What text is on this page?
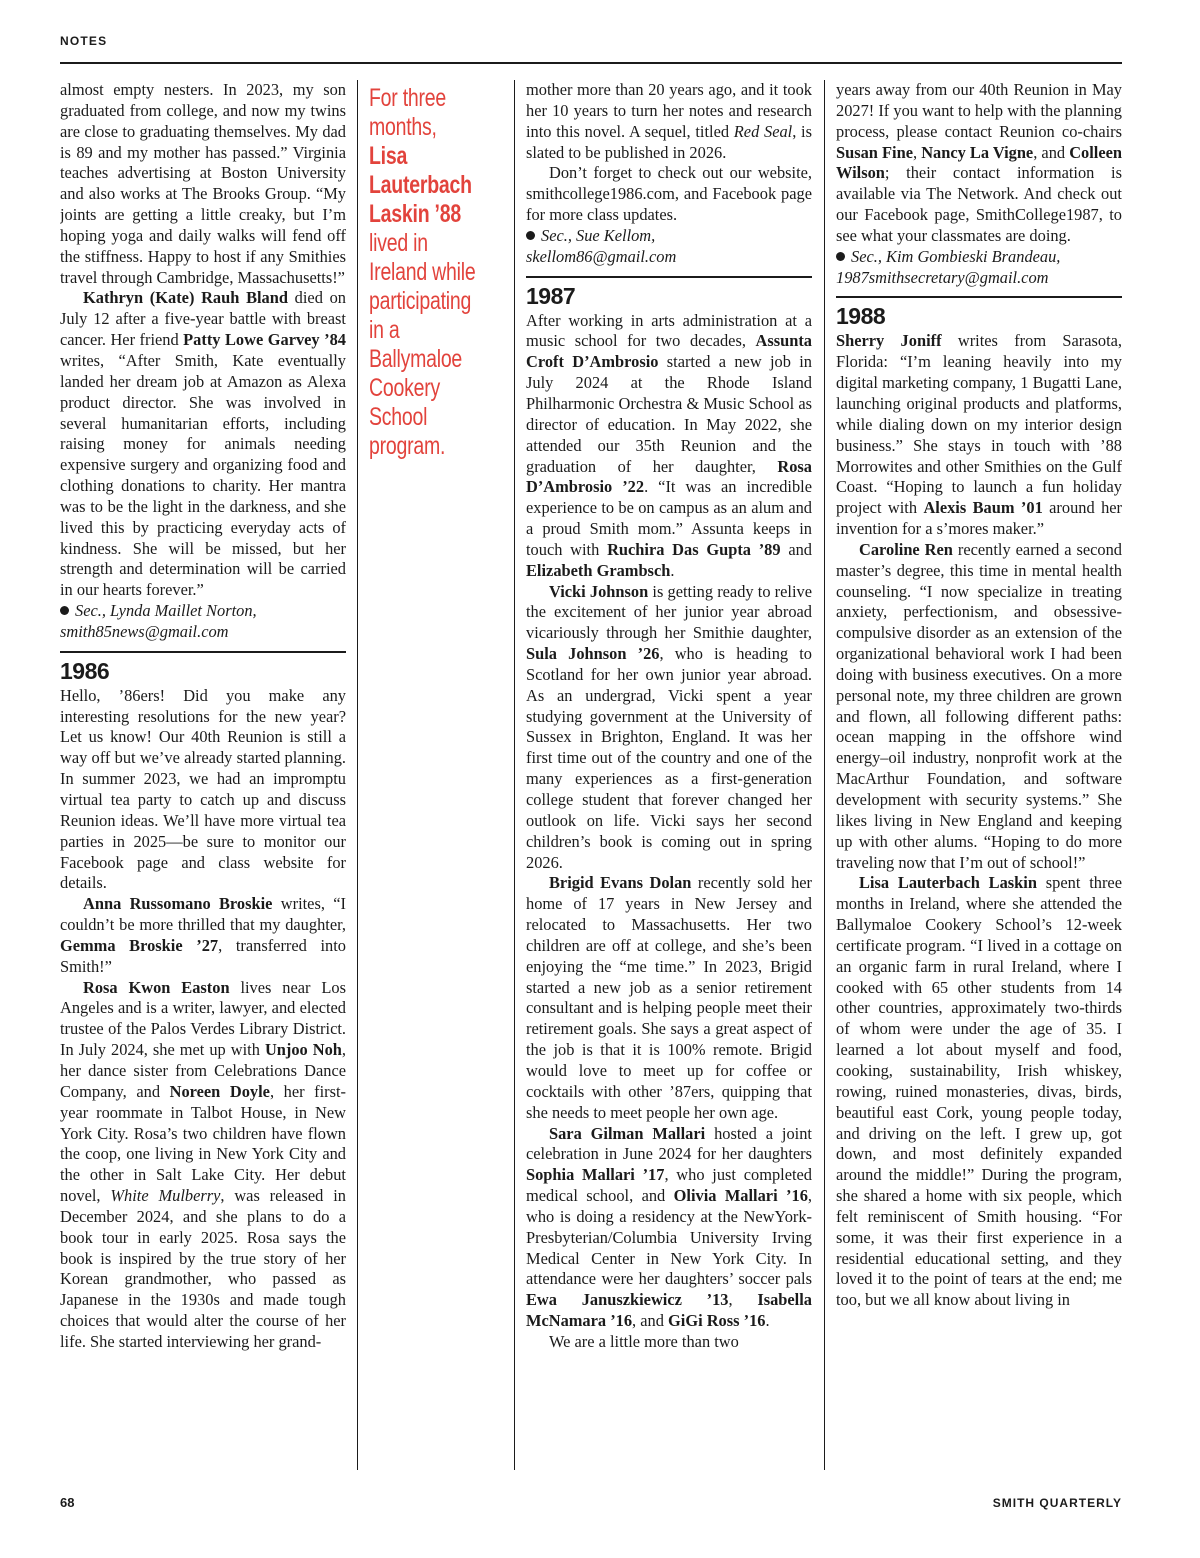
NOTES

almost empty nesters. In 2023, my son graduated from college, and now my twins are close to graduating themselves. My dad is 89 and my mother has passed.” Virginia teaches advertising at Boston University and also works at The Brooks Group. “My joints are getting a little creaky, but I’m hoping yoga and daily walks will fend off the stiffness. Happy to host if any Smithies travel through Cambridge, Massachusetts!”

Kathryn (Kate) Rauh Bland died on July 12 after a five-year battle with breast cancer. Her friend Patty Lowe Garvey ’84 writes, “After Smith, Kate eventually landed her dream job at Amazon as Alexa product director. She was involved in several humanitarian efforts, including raising money for animals needing expensive surgery and organizing food and clothing donations to charity. Her mantra was to be the light in the darkness, and she lived this by practicing everyday acts of kindness. She will be missed, but her strength and determination will be carried in our hearts forever.”

Sec., Lynda Maillet Norton,
smith85news@gmail.com

1986

Hello, ’86ers! Did you make any interesting resolutions for the new year? Let us know! Our 40th Reunion is still a way off but we’ve already started planning. In summer 2023, we had an impromptu virtual tea party to catch up and discuss Reunion ideas. We’ll have more virtual tea parties in 2025—be sure to monitor our Facebook page and class website for details.

Anna Russomano Broskie writes, “I couldn’t be more thrilled that my daughter, Gemma Broskie ’27, transferred into Smith!”

Rosa Kwon Easton lives near Los Angeles and is a writer, lawyer, and elected trustee of the Palos Verdes Library District. In July 2024, she met up with Unjoo Noh, her dance sister from Celebrations Dance Company, and Noreen Doyle, her first-year roommate in Talbot House, in New York City. Rosa’s two children have flown the coop, one living in New York City and the other in Salt Lake City. Her debut novel, White Mulberry, was released in December 2024, and she plans to do a book tour in early 2025. Rosa says the book is inspired by the true story of her Korean grandmother, who passed as Japanese in the 1930s and made tough choices that would alter the course of her life. She started interviewing her grand-

For three months, Lisa Lauterbach Laskin ’88 lived in Ireland while participating in a Ballymaloe Cookery School program.

mother more than 20 years ago, and it took her 10 years to turn her notes and research into this novel. A sequel, titled Red Seal, is slated to be published in 2026.

Don’t forget to check out our website, smithcollege1986.com, and Facebook page for more class updates.

Sec., Sue Kellom,
skellom86@gmail.com

1987

After working in arts administration at a music school for two decades, Assunta Croft D’Ambrosio started a new job in July 2024 at the Rhode Island Philharmonic Orchestra & Music School as director of education. In May 2022, she attended our 35th Reunion and the graduation of her daughter, Rosa D’Ambrosio ’22. “It was an incredible experience to be on campus as an alum and a proud Smith mom.” Assunta keeps in touch with Ruchira Das Gupta ’89 and Elizabeth Grambsch.

Vicki Johnson is getting ready to relive the excitement of her junior year abroad vicariously through her Smithie daughter, Sula Johnson ’26, who is heading to Scotland for her own junior year abroad. As an undergrad, Vicki spent a year studying government at the University of Sussex in Brighton, England. It was her first time out of the country and one of the many experiences as a first-generation college student that forever changed her outlook on life. Vicki says her second children’s book is coming out in spring 2026.

Brigid Evans Dolan recently sold her home of 17 years in New Jersey and relocated to Massachusetts. Her two children are off at college, and she’s been enjoying the “me time.” In 2023, Brigid started a new job as a senior retirement consultant and is helping people meet their retirement goals. She says a great aspect of the job is that it is 100% remote. Brigid would love to meet up for coffee or cocktails with other ’87ers, quipping that she needs to meet people her own age.

Sara Gilman Mallari hosted a joint celebration in June 2024 for her daughters Sophia Mallari ’17, who just completed medical school, and Olivia Mallari ’16, who is doing a residency at the NewYork-Presbyterian/Columbia University Irving Medical Center in New York City. In attendance were her daughters’ soccer pals Ewa Januszkiewicz ’13, Isabella McNamara ’16, and GiGi Ross ’16.

We are a little more than two

years away from our 40th Reunion in May 2027! If you want to help with the planning process, please contact Reunion co-chairs Susan Fine, Nancy La Vigne, and Colleen Wilson; their contact information is available via The Network. And check out our Facebook page, SmithCollege1987, to see what your classmates are doing.

Sec., Kim Gombieski Brandeau,
1987smithsecretary@gmail.com

1988

Sherry Joniff writes from Sarasota, Florida: “I’m leaning heavily into my digital marketing company, 1 Bugatti Lane, launching original products and platforms, while dialing down on my interior design business.” She stays in touch with ’88 Morrowites and other Smithies on the Gulf Coast. “Hoping to launch a fun holiday project with Alexis Baum ’01 around her invention for a s’mores maker.”

Caroline Ren recently earned a second master’s degree, this time in mental health counseling. “I now specialize in treating anxiety, perfectionism, and obsessive-compulsive disorder as an extension of the organizational behavioral work I had been doing with business executives. On a more personal note, my three children are grown and flown, all following different paths: ocean mapping in the offshore wind energy–oil industry, nonprofit work at the MacArthur Foundation, and software development with security systems.” She likes living in New England and keeping up with other alums. “Hoping to do more traveling now that I’m out of school!”

Lisa Lauterbach Laskin spent three months in Ireland, where she attended the Ballymaloe Cookery School’s 12-week certificate program. “I lived in a cottage on an organic farm in rural Ireland, where I cooked with 65 other students from 14 other countries, approximately two-thirds of whom were under the age of 35. I learned a lot about myself and food, cooking, sustainability, Irish whiskey, rowing, ruined monasteries, divas, birds, beautiful east Cork, young people today, and driving on the left. I grew up, got down, and most definitely expanded around the middle!” During the program, she shared a home with six people, which felt reminiscent of Smith housing. “For some, it was their first experience in a residential educational setting, and they loved it to the point of tears at the end; me too, but we all know about living in

68	SMITH QUARTERLY
